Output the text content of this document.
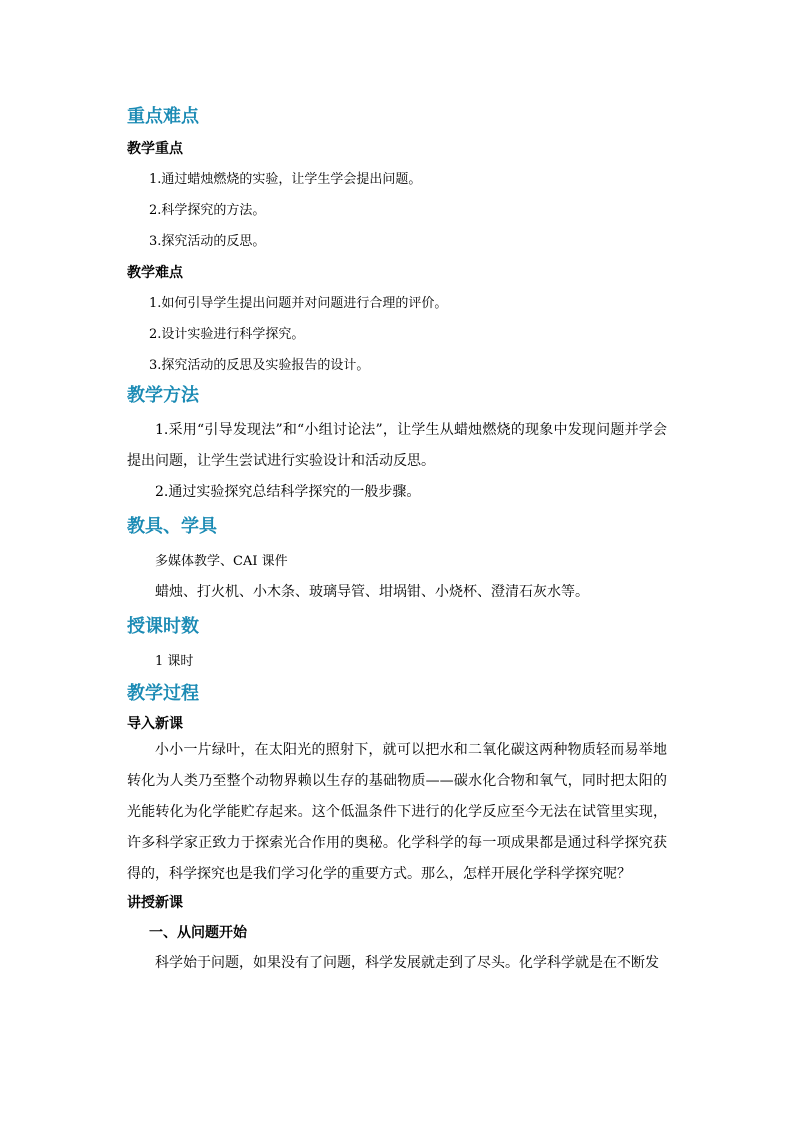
重点难点
教学重点

1.通过蜡烛燃烧的实验，让学生学会提出问题。

2.科学探究的方法。

3.探究活动的反思。

教学难点

1.如何引导学生提出问题并对问题进行合理的评价。

2.设计实验进行科学探究。

3.探究活动的反思及实验报告的设计。

教学方法

1.采用“引导发现法”和“小组讨论法”，让学生从蜡烛燃烧的现象中发现问题并学会提出问题，让学生尝试进行实验设计和活动反思。

2.通过实验探究总结科学探究的一般步骤。

教具、学具

多媒体教学、CAI 课件

蜡烛、打火机、小木条、玻璃导管、坩埚钳、小烧杯、澄清石灰水等。

授课时数

1 课时

教学过程
导入新课

小小一片绿叶，在太阳光的照射下，就可以把水和二氧化碳这两种物质轻而易举地转化为人类乃至整个动物界赖以生存的基础物质——碳水化合物和氧气，同时把太阳的光能转化为化学能贮存起来。这个低温条件下进行的化学反应至今无法在试管里实现，许多科学家正致力于探索光合作用的奥秘。化学科学的每一项成果都是通过科学探究获得的，科学探究也是我们学习化学的重要方式。那么，怎样开展化学科学探究呢？

讲授新课
一、从问题开始

科学始于问题，如果没有了问题，科学发展就走到了尽头。化学科学就是在不断发
